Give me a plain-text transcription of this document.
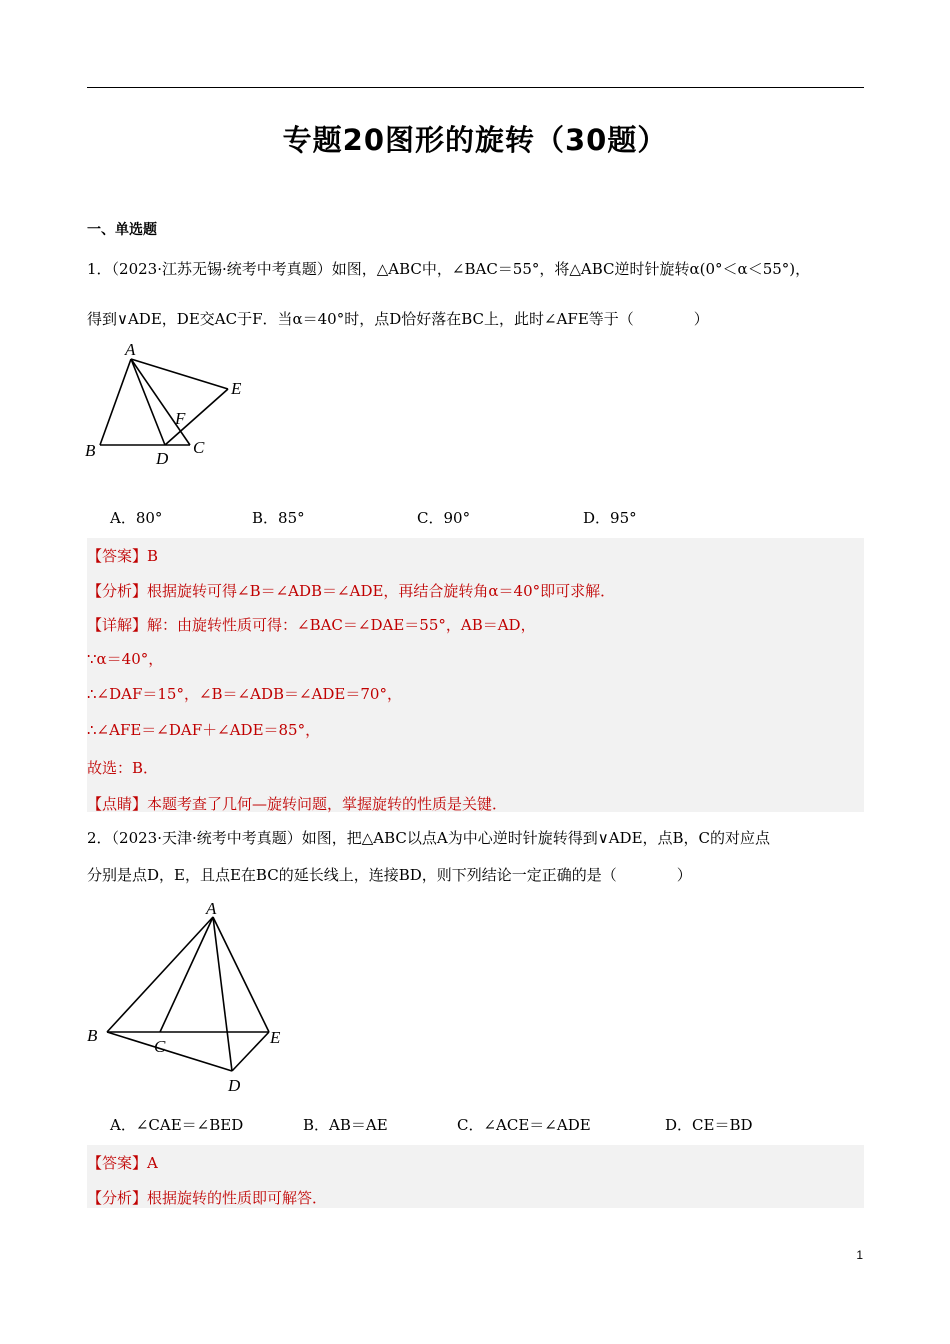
专题20图形的旋转（30题）
一、单选题
1．（2023·江苏无锡·统考中考真题）如图，△ABC中，∠BAC＝55°，将△ABC逆时针旋转α(0°＜α＜55°)，
得到∨ADE，DE交AC于F．当α＝40°时，点D恰好落在BC上，此时∠AFE等于（　　　　）
A
B	C
D
E
F
A．80°	B．85°	C．90°	D．95°
【答案】B
【分析】根据旋转可得∠B＝∠ADB＝∠ADE，再结合旋转角α＝40°即可求解．
【详解】解：由旋转性质可得：∠BAC＝∠DAE＝55°，AB＝AD，
∵α＝40°，
∴∠DAF＝15°，∠B＝∠ADB＝∠ADE＝70°，
∴∠AFE＝∠DAF＋∠ADE＝85°，
故选：B．
【点睛】本题考查了几何—旋转问题，掌握旋转的性质是关键．
2．（2023·天津·统考中考真题）如图，把△ABC以点A为中心逆时针旋转得到∨ADE，点B，C的对应点
分别是点D，E，且点E在BC的延长线上，连接BD，则下列结论一定正确的是（　　　　）
A
B
C
D
E
A．∠CAE＝∠BED	B．AB＝AE	C．∠ACE＝∠ADE	D．CE＝BD
【答案】A
【分析】根据旋转的性质即可解答．
1
